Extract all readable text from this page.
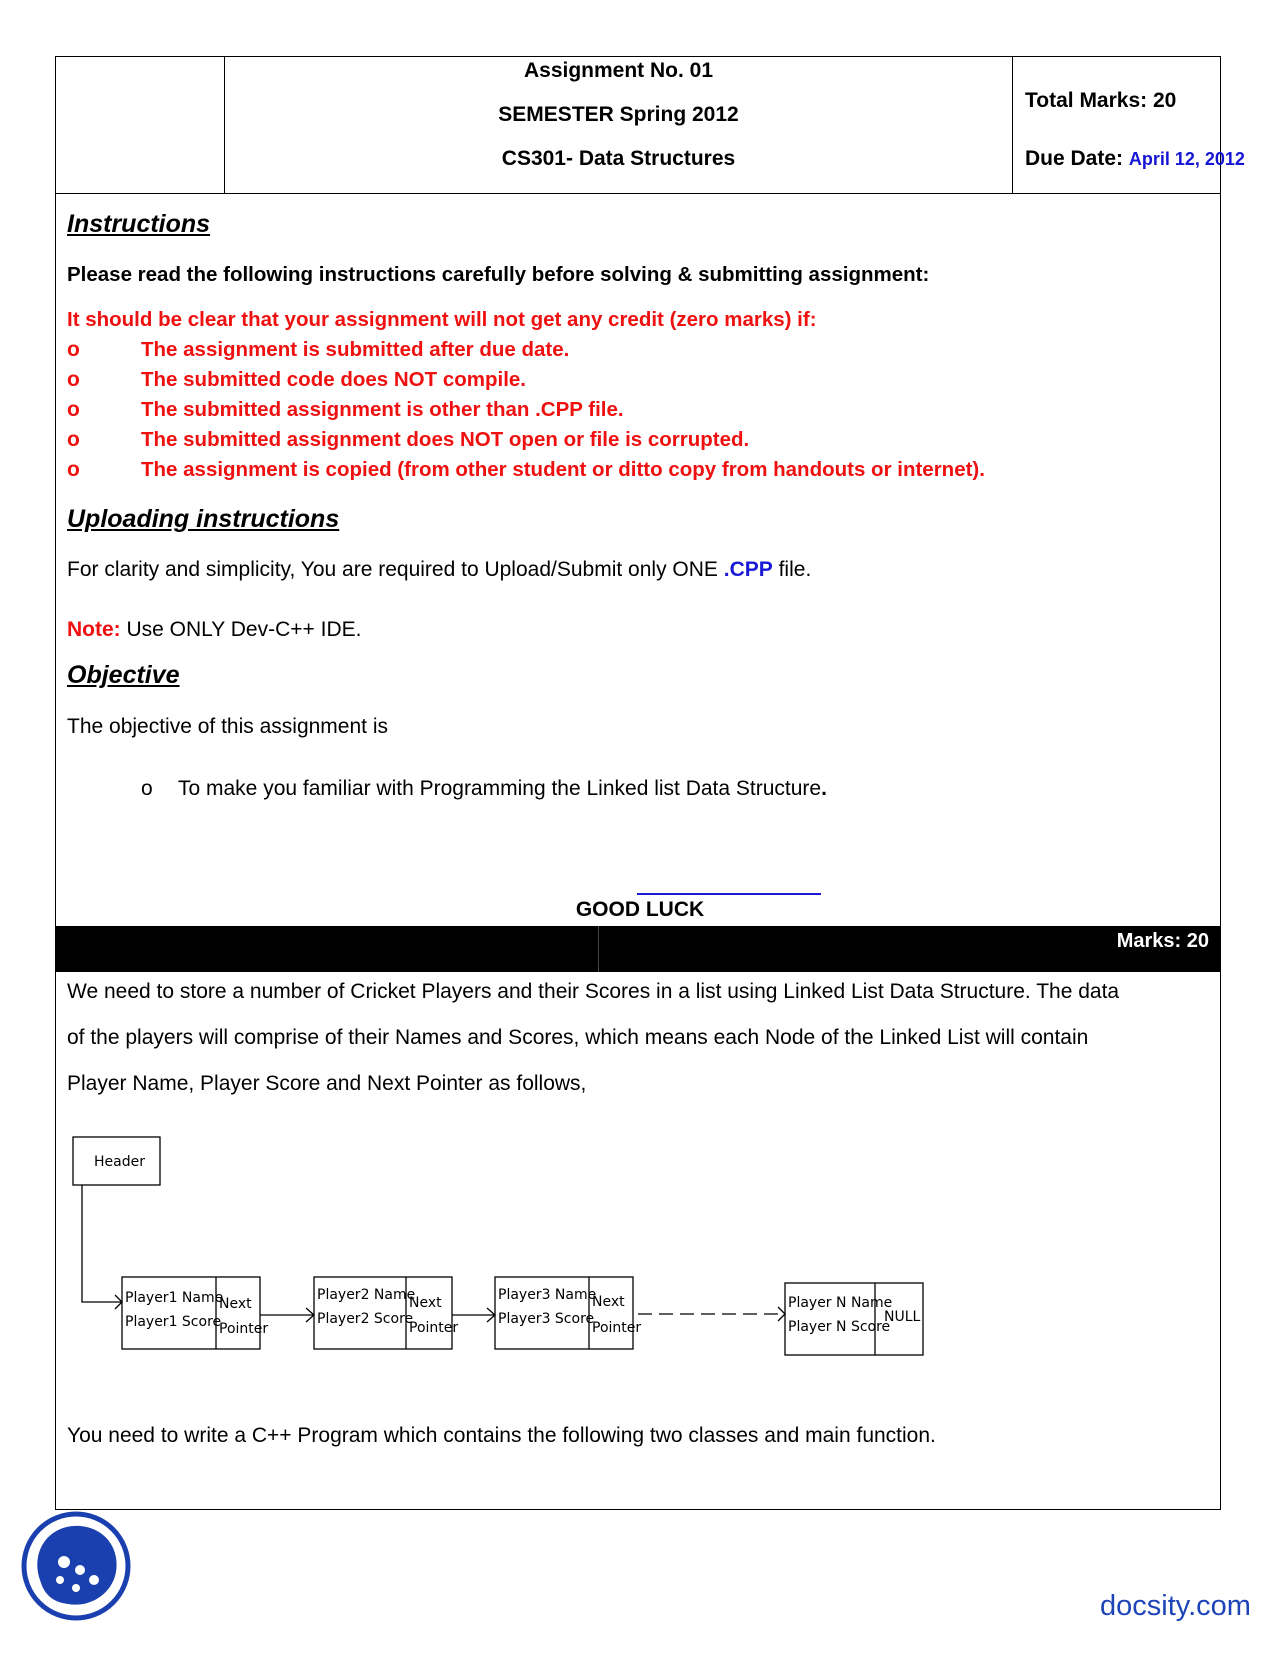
Assignment No. 01
SEMESTER Spring 2012
CS301- Data Structures
Total Marks: 20
Due Date: April 12, 2012
Instructions
Please read the following instructions carefully before solving & submitting assignment:
It should be clear that your assignment will not get any credit (zero marks) if:
o	The assignment is submitted after due date.
o	The submitted code does NOT compile.
o	The submitted assignment is other than .CPP file.
o	The submitted assignment does NOT open or file is corrupted.
o	The assignment is copied (from other student or ditto copy from handouts or internet).
Uploading instructions
For clarity and simplicity, You are required to Upload/Submit only ONE .CPP file.
Note: Use ONLY Dev-C++ IDE.
Objective
The objective of this assignment is
o To make you familiar with Programming the Linked list Data Structure.
GOOD LUCK
Marks: 20
We need to store a number of Cricket Players and their Scores in a list using Linked List Data Structure. The data
of the players will comprise of their Names and Scores, which means each Node of the Linked List will contain
Player Name, Player Score and Next Pointer as follows,
Header
Player1 Name
Player1 Score
Next
Pointer
Player2 Name
Player2 Score
Next
Pointer
Player3 Name
Player3 Score
Next
Pointer
Player N Name
Player N Score
NULL
You need to write a C++ Program which contains the following two classes and main function.
docsity.com
